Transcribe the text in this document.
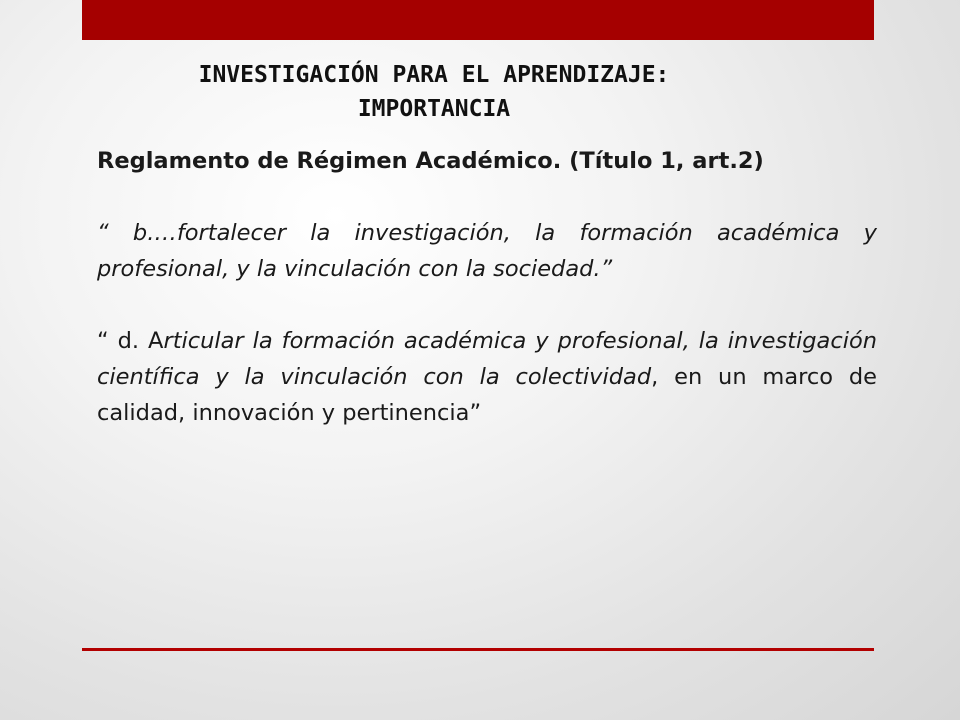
INVESTIGACIÓN PARA EL APRENDIZAJE:
IMPORTANCIA

Reglamento de Régimen Académico. (Título 1, art.2)

“ b.…fortalecer la investigación, la formación académica y profesional, y la vinculación con la sociedad.”

“ d. Articular la formación académica y profesional, la investigación científica y la vinculación con la colectividad, en un marco de calidad, innovación y pertinencia”
